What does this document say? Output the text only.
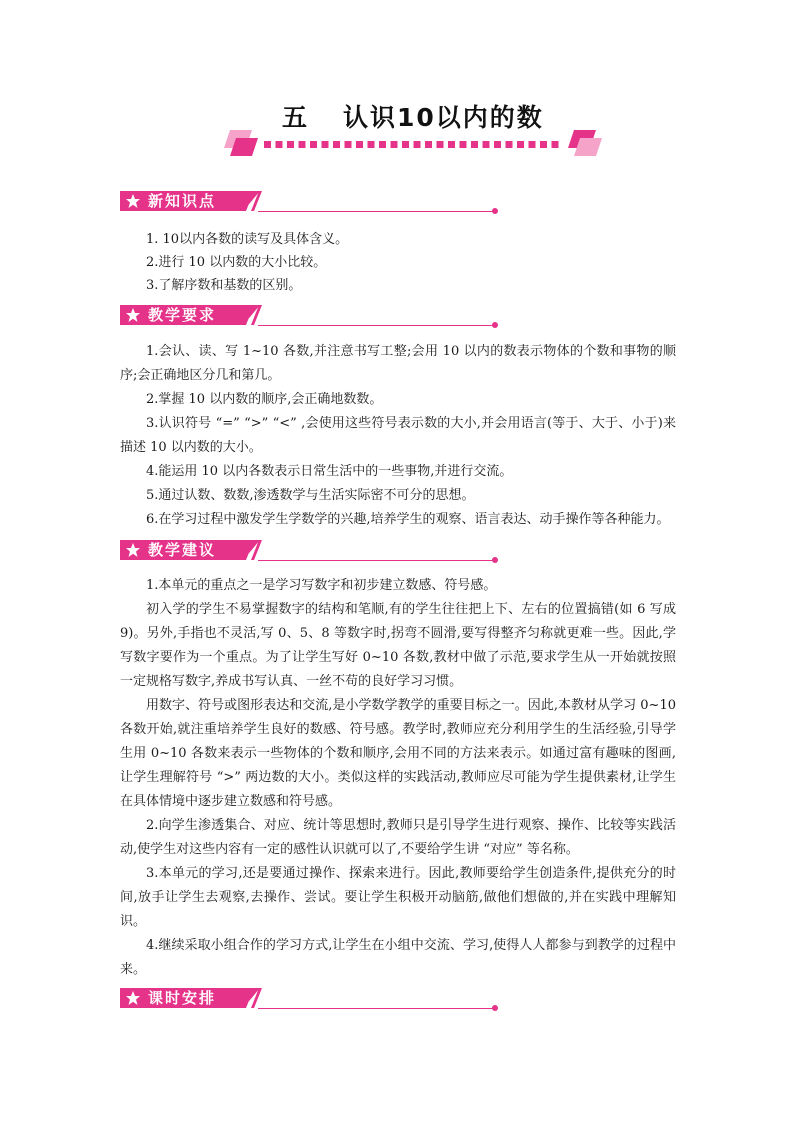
五 认识10以内的数
新知识点

1. 10以内各数的读写及具体含义。

2.进行 10 以内数的大小比较。

3.了解序数和基数的区别。

教学要求

1.会认、读、写 1~10 各数,并注意书写工整;会用 10 以内的数表示物体的个数和事物的顺序;会正确地区分几和第几。

2.掌握 10 以内数的顺序,会正确地数数。

3.认识符号 “=” “>” “<” ,会使用这些符号表示数的大小,并会用语言(等于、大于、小于)来描述 10 以内数的大小。

4.能运用 10 以内各数表示日常生活中的一些事物,并进行交流。

5.通过认数、数数,渗透数学与生活实际密不可分的思想。

6.在学习过程中激发学生学数学的兴趣,培养学生的观察、语言表达、动手操作等各种能力。

教学建议

1.本单元的重点之一是学习写数字和初步建立数感、符号感。

初入学的学生不易掌握数字的结构和笔顺,有的学生往往把上下、左右的位置搞错(如 6 写成 9)。另外,手指也不灵活,写 0、5、8 等数字时,拐弯不圆滑,要写得整齐匀称就更难一些。因此,学写数字要作为一个重点。为了让学生写好 0~10 各数,教材中做了示范,要求学生从一开始就按照一定规格写数字,养成书写认真、一丝不苟的良好学习习惯。

用数字、符号或图形表达和交流,是小学数学教学的重要目标之一。因此,本教材从学习 0~10 各数开始,就注重培养学生良好的数感、符号感。教学时,教师应充分利用学生的生活经验,引导学生用 0~10 各数来表示一些物体的个数和顺序,会用不同的方法来表示。如通过富有趣味的图画,让学生理解符号 “>” 两边数的大小。类似这样的实践活动,教师应尽可能为学生提供素材,让学生在具体情境中逐步建立数感和符号感。

2.向学生渗透集合、对应、统计等思想时,教师只是引导学生进行观察、操作、比较等实践活动,使学生对这些内容有一定的感性认识就可以了,不要给学生讲 “对应” 等名称。

3.本单元的学习,还是要通过操作、探索来进行。因此,教师要给学生创造条件,提供充分的时间,放手让学生去观察,去操作、尝试。要让学生积极开动脑筋,做他们想做的,并在实践中理解知识。

4.继续采取小组合作的学习方式,让学生在小组中交流、学习,使得人人都参与到教学的过程中来。

课时安排
